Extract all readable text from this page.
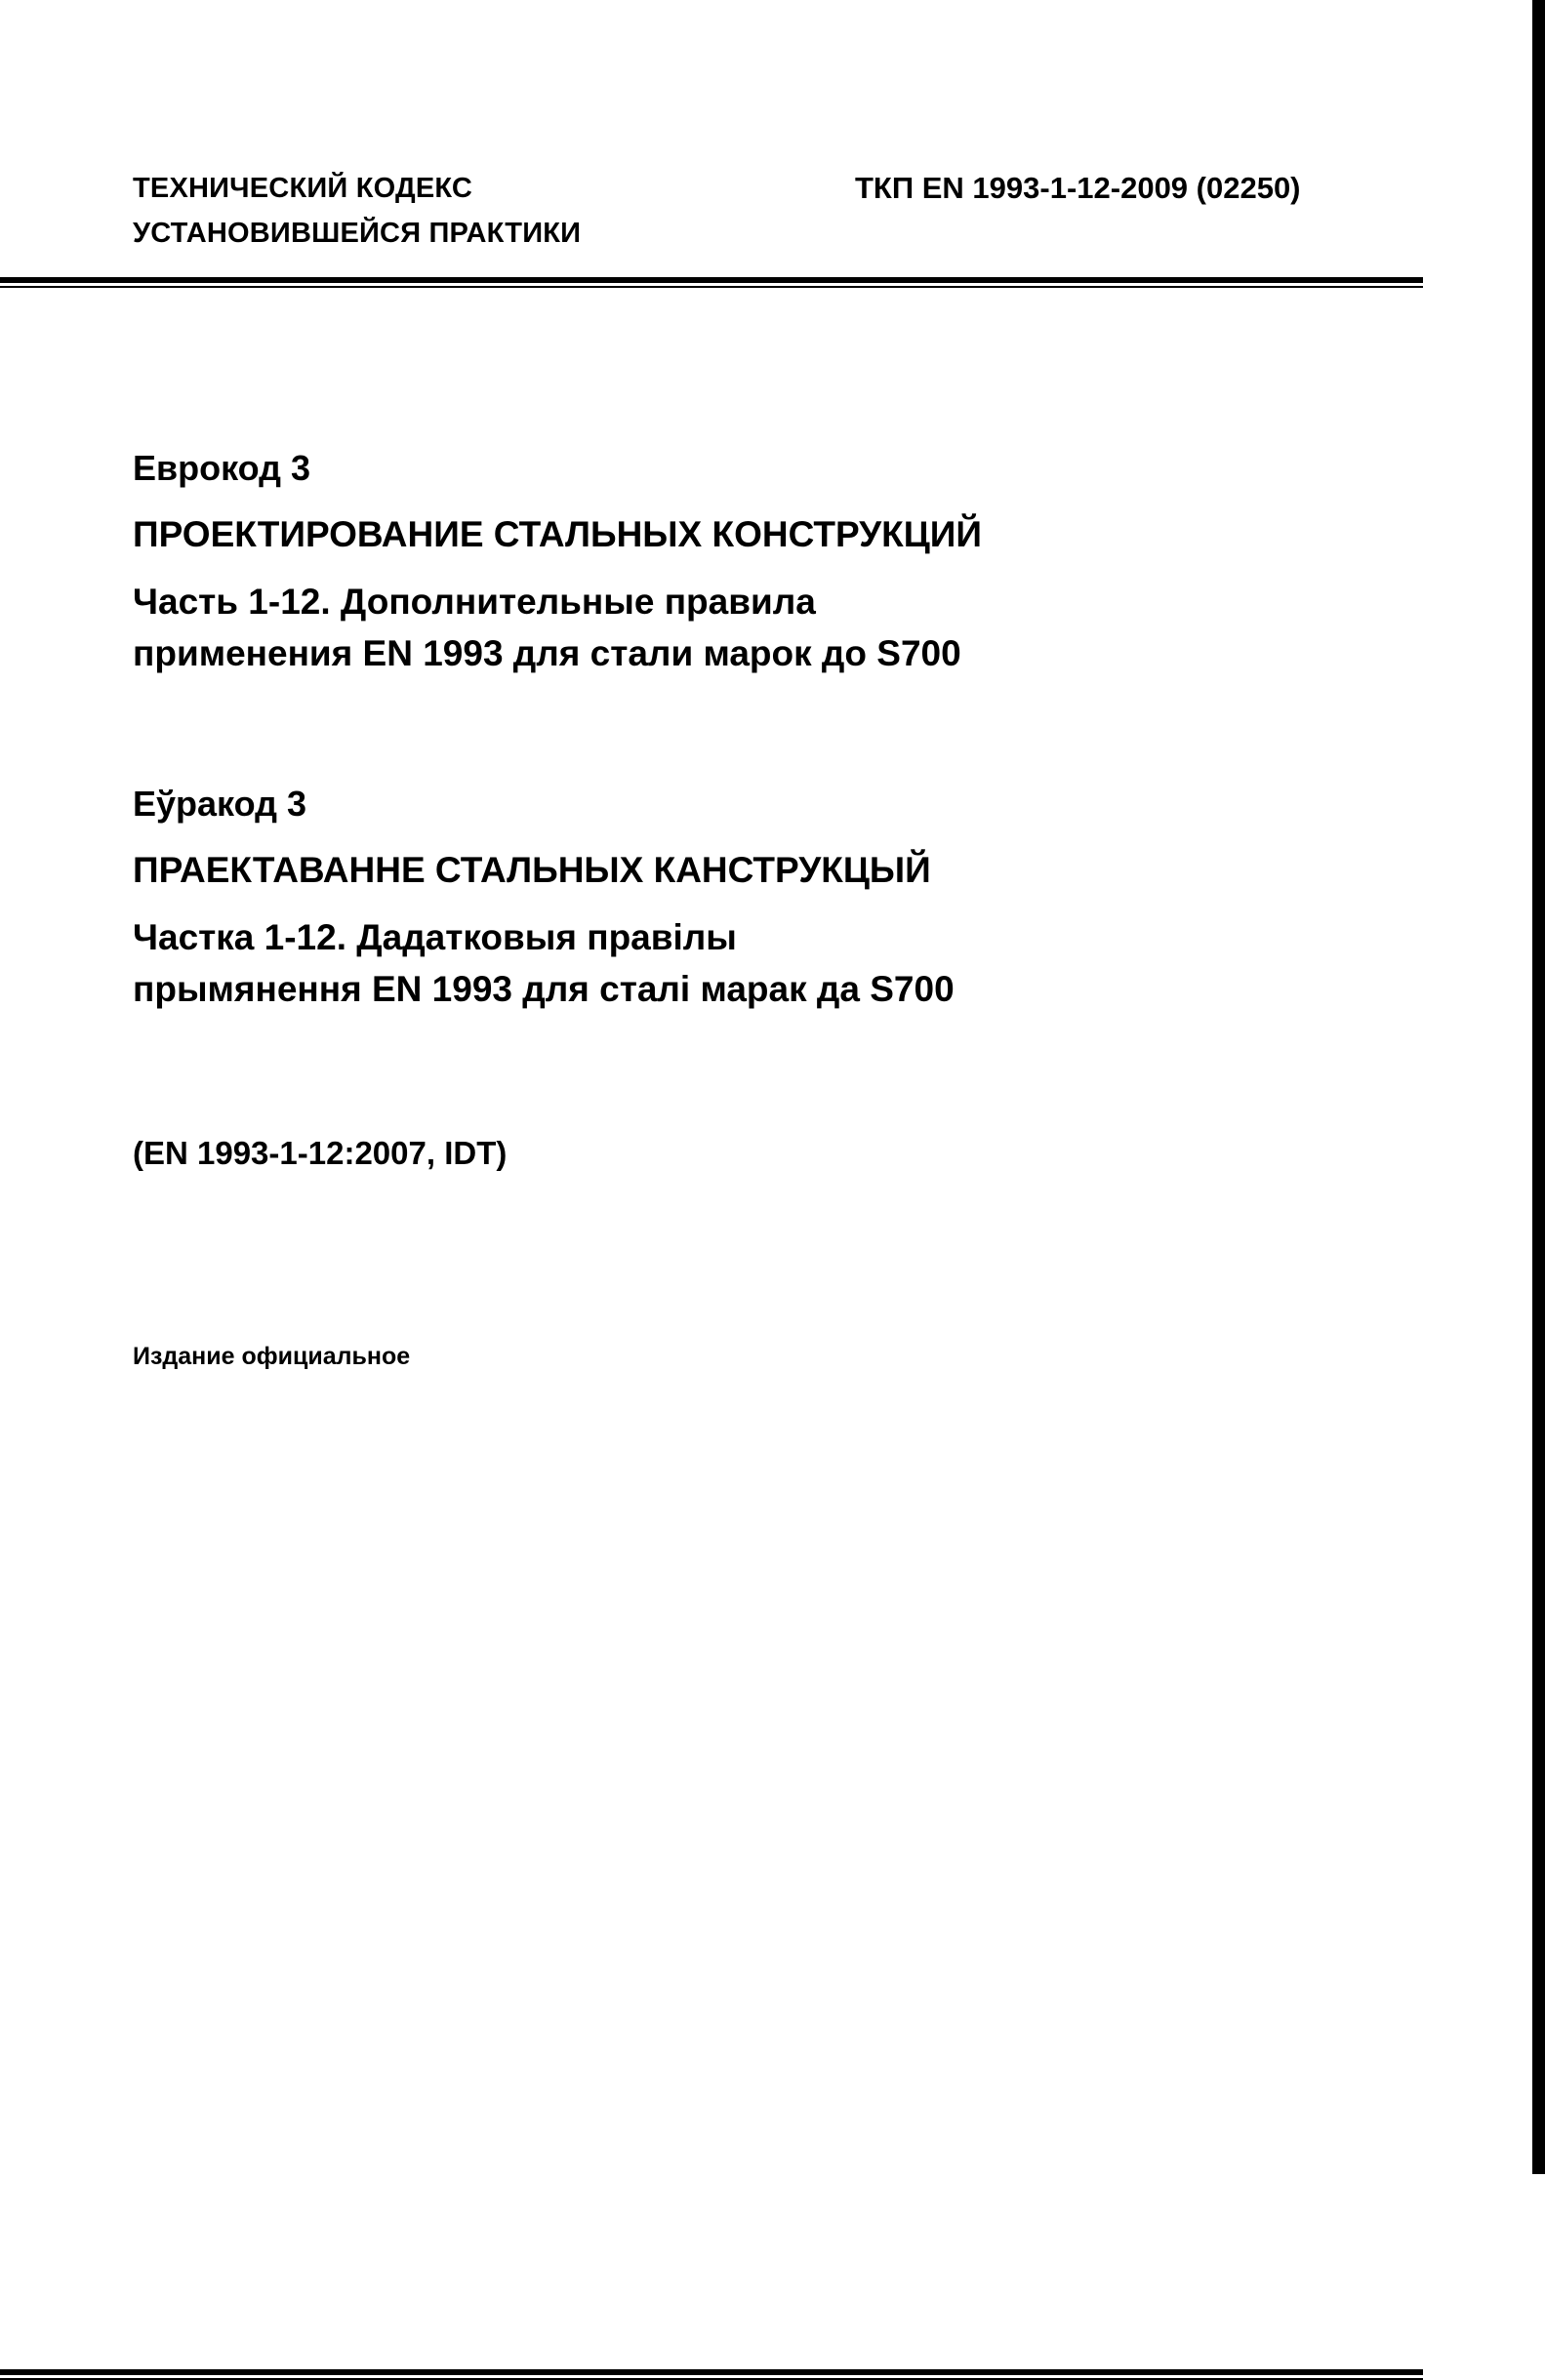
ТЕХНИЧЕСКИЙ КОДЕКС
УСТАНОВИВШЕЙСЯ ПРАКТИКИ
ТКП EN 1993-1-12-2009 (02250)
Еврокод 3
ПРОЕКТИРОВАНИЕ СТАЛЬНЫХ КОНСТРУКЦИЙ
Часть 1-12. Дополнительные правила
применения EN 1993 для стали марок до S700
Еўракод 3
ПРАЕКТАВАННЕ СТАЛЬНЫХ КАНСТРУКЦЫЙ
Частка 1-12. Дадатковыя правілы
прымянення EN 1993 для сталі марак да S700
(EN 1993-1-12:2007, IDT)
Издание официальное
